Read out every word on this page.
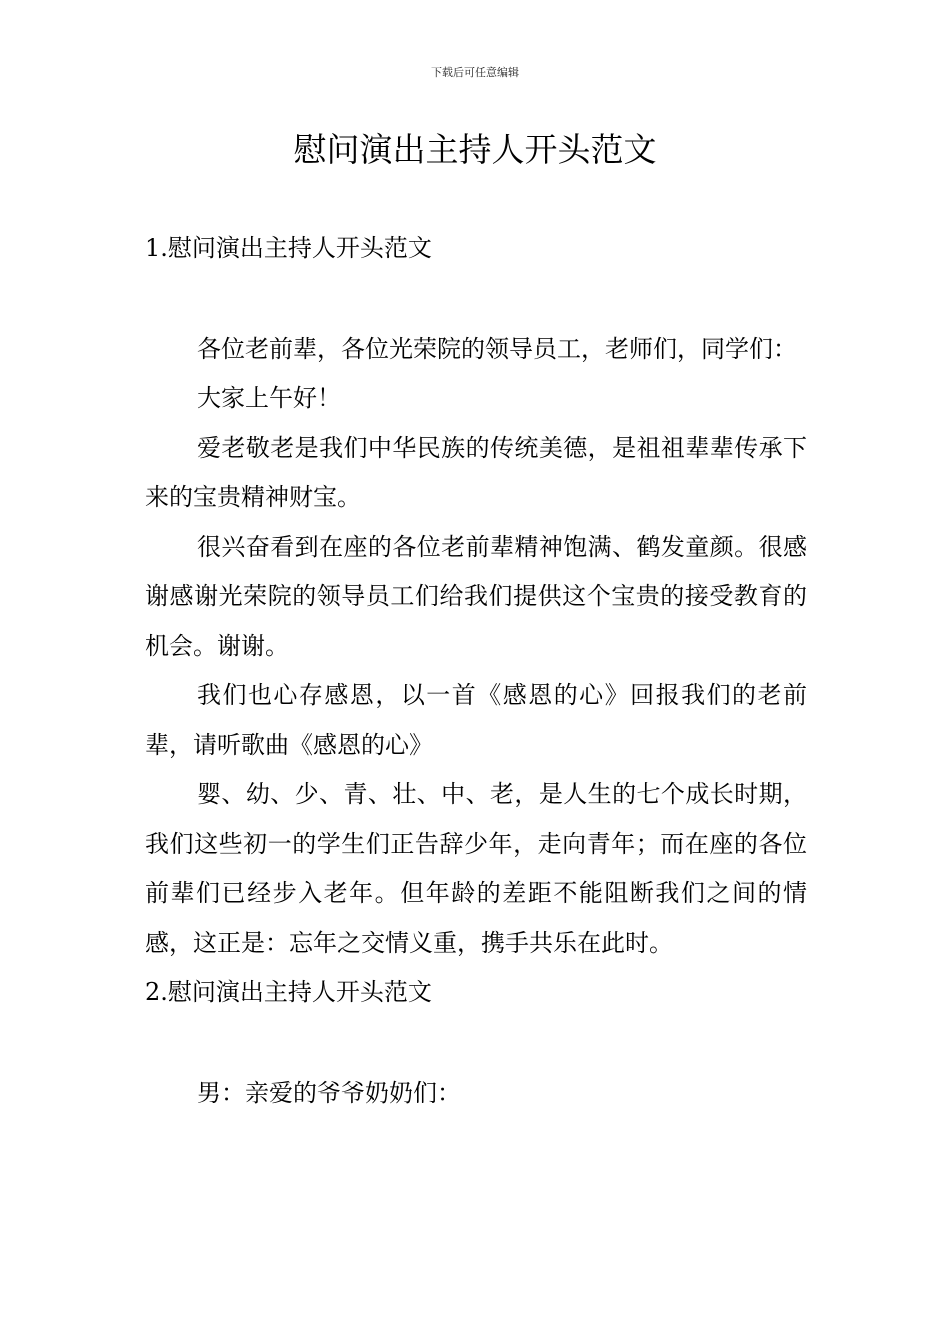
下载后可任意编辑
慰问演出主持人开头范文

1.慰问演出主持人开头范文

各位老前辈，各位光荣院的领导员工，老师们，同学们：

大家上午好！

爱老敬老是我们中华民族的传统美德，是祖祖辈辈传承下来的宝贵精神财宝。

很兴奋看到在座的各位老前辈精神饱满、鹤发童颜。很感谢感谢光荣院的领导员工们给我们提供这个宝贵的接受教育的机会。谢谢。

我们也心存感恩，以一首《感恩的心》回报我们的老前辈，请听歌曲《感恩的心》

婴、幼、少、青、壮、中、老，是人生的七个成长时期，我们这些初一的学生们正告辞少年，走向青年；而在座的各位前辈们已经步入老年。但年龄的差距不能阻断我们之间的情感，这正是：忘年之交情义重，携手共乐在此时。

2.慰问演出主持人开头范文

男：亲爱的爷爷奶奶们：
